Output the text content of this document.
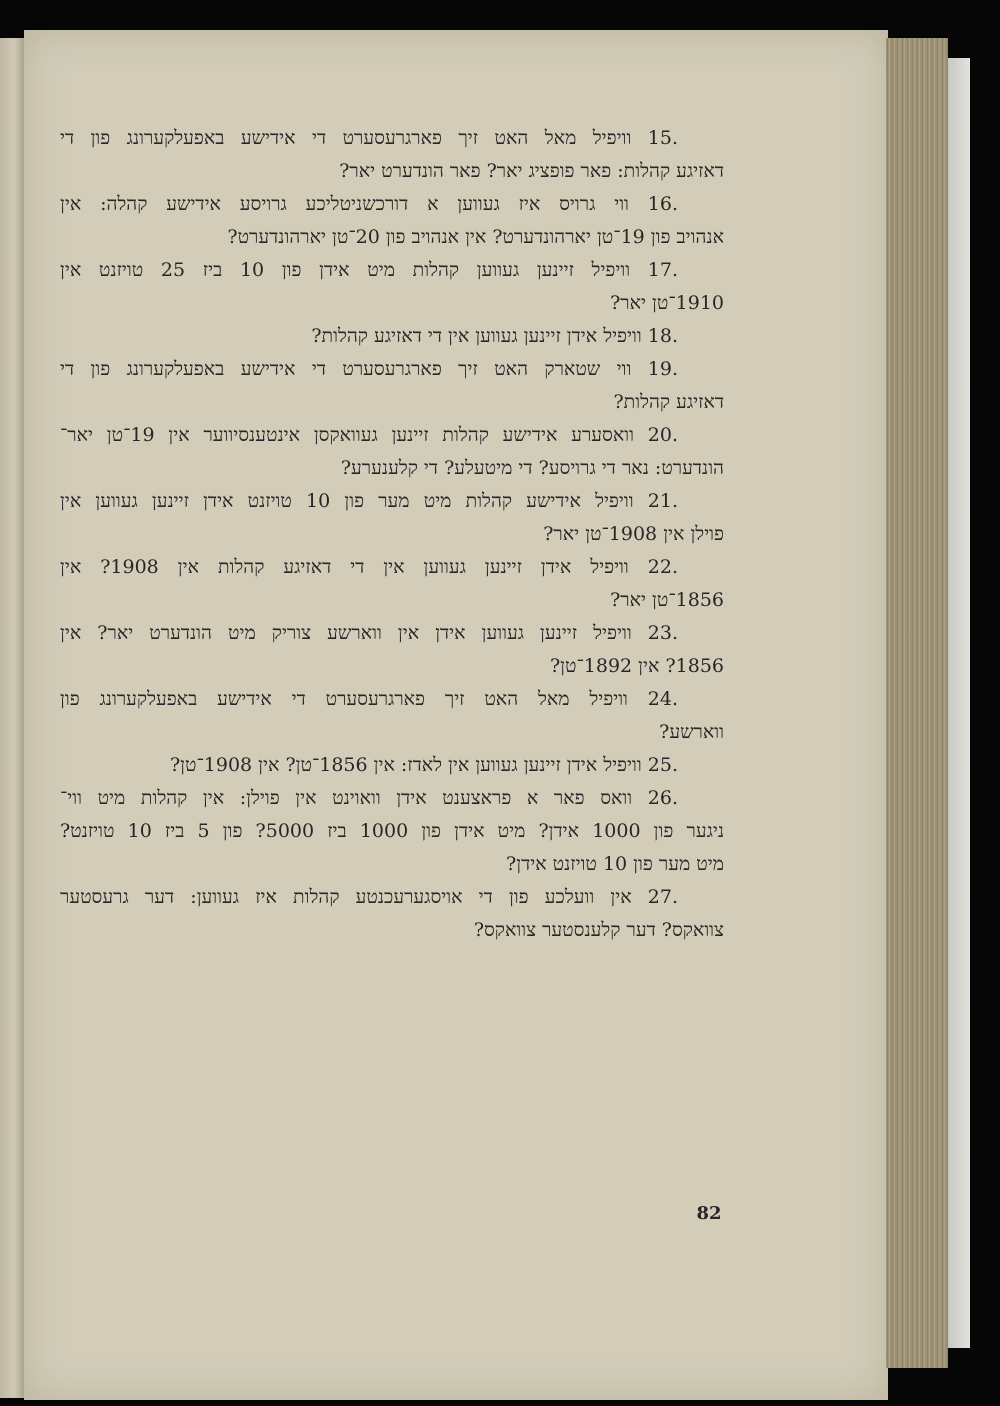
.15 וויפיל מאל האט זיך פארגרעסערט די אידישע באפעלקערונג פון די
דאזיגע קהלות: פאר פופציג יאר? פאר הונדערט יאר?
.16 ווי גרויס איז געווען א דורכשניטליכע גרויסע אידישע קהלה: אין
אנהויב פון 19־טן יארהונדערט? אין אנהויב פון 20־טן יארהונדערט?
.17 וויפיל זיינען געווען קהלות מיט אידן פון 10 ביז 25 טויזנט אין
1910־טן יאר?
.18 וויפיל אידן זיינען געווען אין די דאזיגע קהלות?
.19 ווי שטארק האט זיך פארגרעסערט די אידישע באפעלקערונג פון די
דאזיגע קהלות?
.20 וואסערע אידישע קהלות זיינען געוואקסן אינטענסיווער אין 19־טן יאר־
הונדערט: נאר די גרויסע? די מיטעלע? די קלענערע?
.21 וויפיל אידישע קהלות מיט מער פון 10 טויזנט אידן זיינען געווען אין
פוילן אין 1908־טן יאר?
.22 וויפיל אידן זיינען געווען אין די דאזיגע קהלות אין 1908? אין
1856־טן יאר?
.23 וויפיל זיינען געווען אידן אין ווארשע צוריק מיט הונדערט יאר? אין
1856? אין 1892־טן?
.24 וויפיל מאל האט זיך פארגרעסערט די אידישע באפעלקערונג פון
ווארשע?
.25 וויפיל אידן זיינען געווען אין לאדז: אין 1856־טן? אין 1908־טן?
.26 וואס פאר א פראצענט אידן וואוינט אין פוילן: אין קהלות מיט ווי־
ניגער פון 1000 אידן? מיט אידן פון 1000 ביז 5000? פון 5 ביז 10 טויזנט?
מיט מער פון 10 טויזנט אידן?
.27 אין וועלכע פון די אויסגערעכנטע קהלות איז געווען: דער גרעסטער
צוואקס? דער קלענסטער צוואקס?
82
